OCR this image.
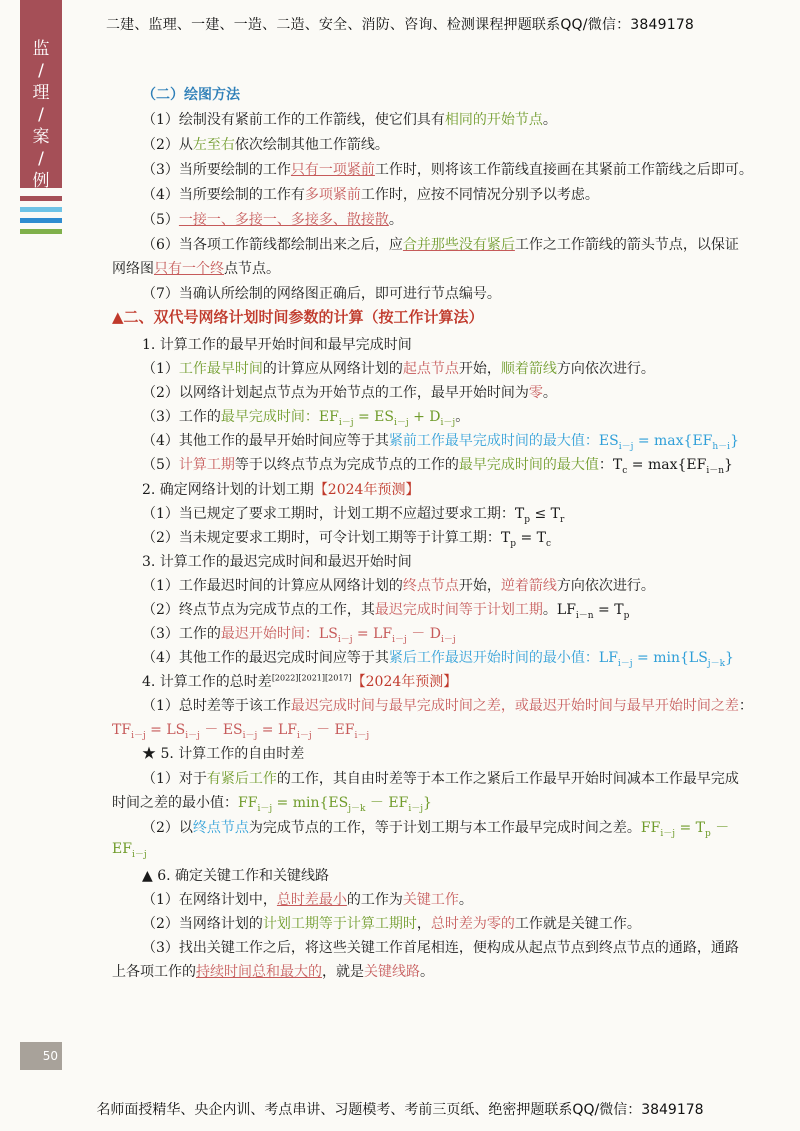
二建、监理、一建、一造、二造、安全、消防、咨询、检测课程押题联系QQ/微信：3849178
监
/
理
/
案
/
例
（二）绘图方法
（1）绘制没有紧前工作的工作箭线，使它们具有相同的开始节点。
（2）从左至右依次绘制其他工作箭线。
（3）当所要绘制的工作只有一项紧前工作时，则将该工作箭线直接画在其紧前工作箭线之后即可。
（4）当所要绘制的工作有多项紧前工作时，应按不同情况分别予以考虑。
（5）一接一、多接一、多接多、散接散。
（6）当各项工作箭线都绘制出来之后，应合并那些没有紧后工作之工作箭线的箭头节点，以保证
网络图只有一个终点节点。
（7）当确认所绘制的网络图正确后，即可进行节点编号。
▲二、双代号网络计划时间参数的计算（按工作计算法）
1. 计算工作的最早开始时间和最早完成时间
（1）工作最早时间的计算应从网络计划的起点节点开始，顺着箭线方向依次进行。
（2）以网络计划起点节点为开始节点的工作，最早开始时间为零。
（3）工作的最早完成时间：$EF_{i-j} = ES_{i-j} + D_{i-j}$。
（4）其他工作的最早开始时间应等于其紧前工作最早完成时间的最大值：$ES_{i-j} = \max\{EF_{h-i}\}$
（5）计算工期等于以终点节点为完成节点的工作的最早完成时间的最大值：$T_c = \max\{EF_{i-n}\}$
2. 确定网络计划的计划工期【2024年预测】
（1）当已规定了要求工期时，计划工期不应超过要求工期：$T_p \le T_r$
（2）当未规定要求工期时，可令计划工期等于计算工期：$T_p = T_c$
3. 计算工作的最迟完成时间和最迟开始时间
（1）工作最迟时间的计算应从网络计划的终点节点开始，逆着箭线方向依次进行。
（2）终点节点为完成节点的工作，其最迟完成时间等于计划工期。$LF_{i-n} = T_p$
（3）工作的最迟开始时间：$LS_{i-j} = LF_{i-j} - D_{i-j}$
（4）其他工作的最迟完成时间应等于其紧后工作最迟开始时间的最小值：$LF_{i-j} = \min\{LS_{j-k}\}$
4. 计算工作的总时差[2022][2021][2017]【2024年预测】
（1）总时差等于该工作最迟完成时间与最早完成时间之差，或最迟开始时间与最早开始时间之差：
$TF_{i-j} = LS_{i-j} - ES_{i-j} = LF_{i-j} - EF_{i-j}$
★ 5. 计算工作的自由时差
（1）对于有紧后工作的工作，其自由时差等于本工作之紧后工作最早开始时间减本工作最早完成
时间之差的最小值：$FF_{i-j} = \min\{ES_{j-k} - EF_{i-j}\}$
（2）以终点节点为完成节点的工作，等于计划工期与本工作最早完成时间之差。$FF_{i-j} = T_p$ －
$EF_{i-j}$
▲ 6. 确定关键工作和关键线路
（1）在网络计划中，总时差最小的工作为关键工作。
（2）当网络计划的计划工期等于计算工期时，总时差为零的工作就是关键工作。
（3）找出关键工作之后，将这些关键工作首尾相连，便构成从起点节点到终点节点的通路，通路
上各项工作的持续时间总和最大的，就是关键线路。
50
名师面授精华、央企内训、考点串讲、习题模考、考前三页纸、绝密押题联系QQ/微信：3849178
